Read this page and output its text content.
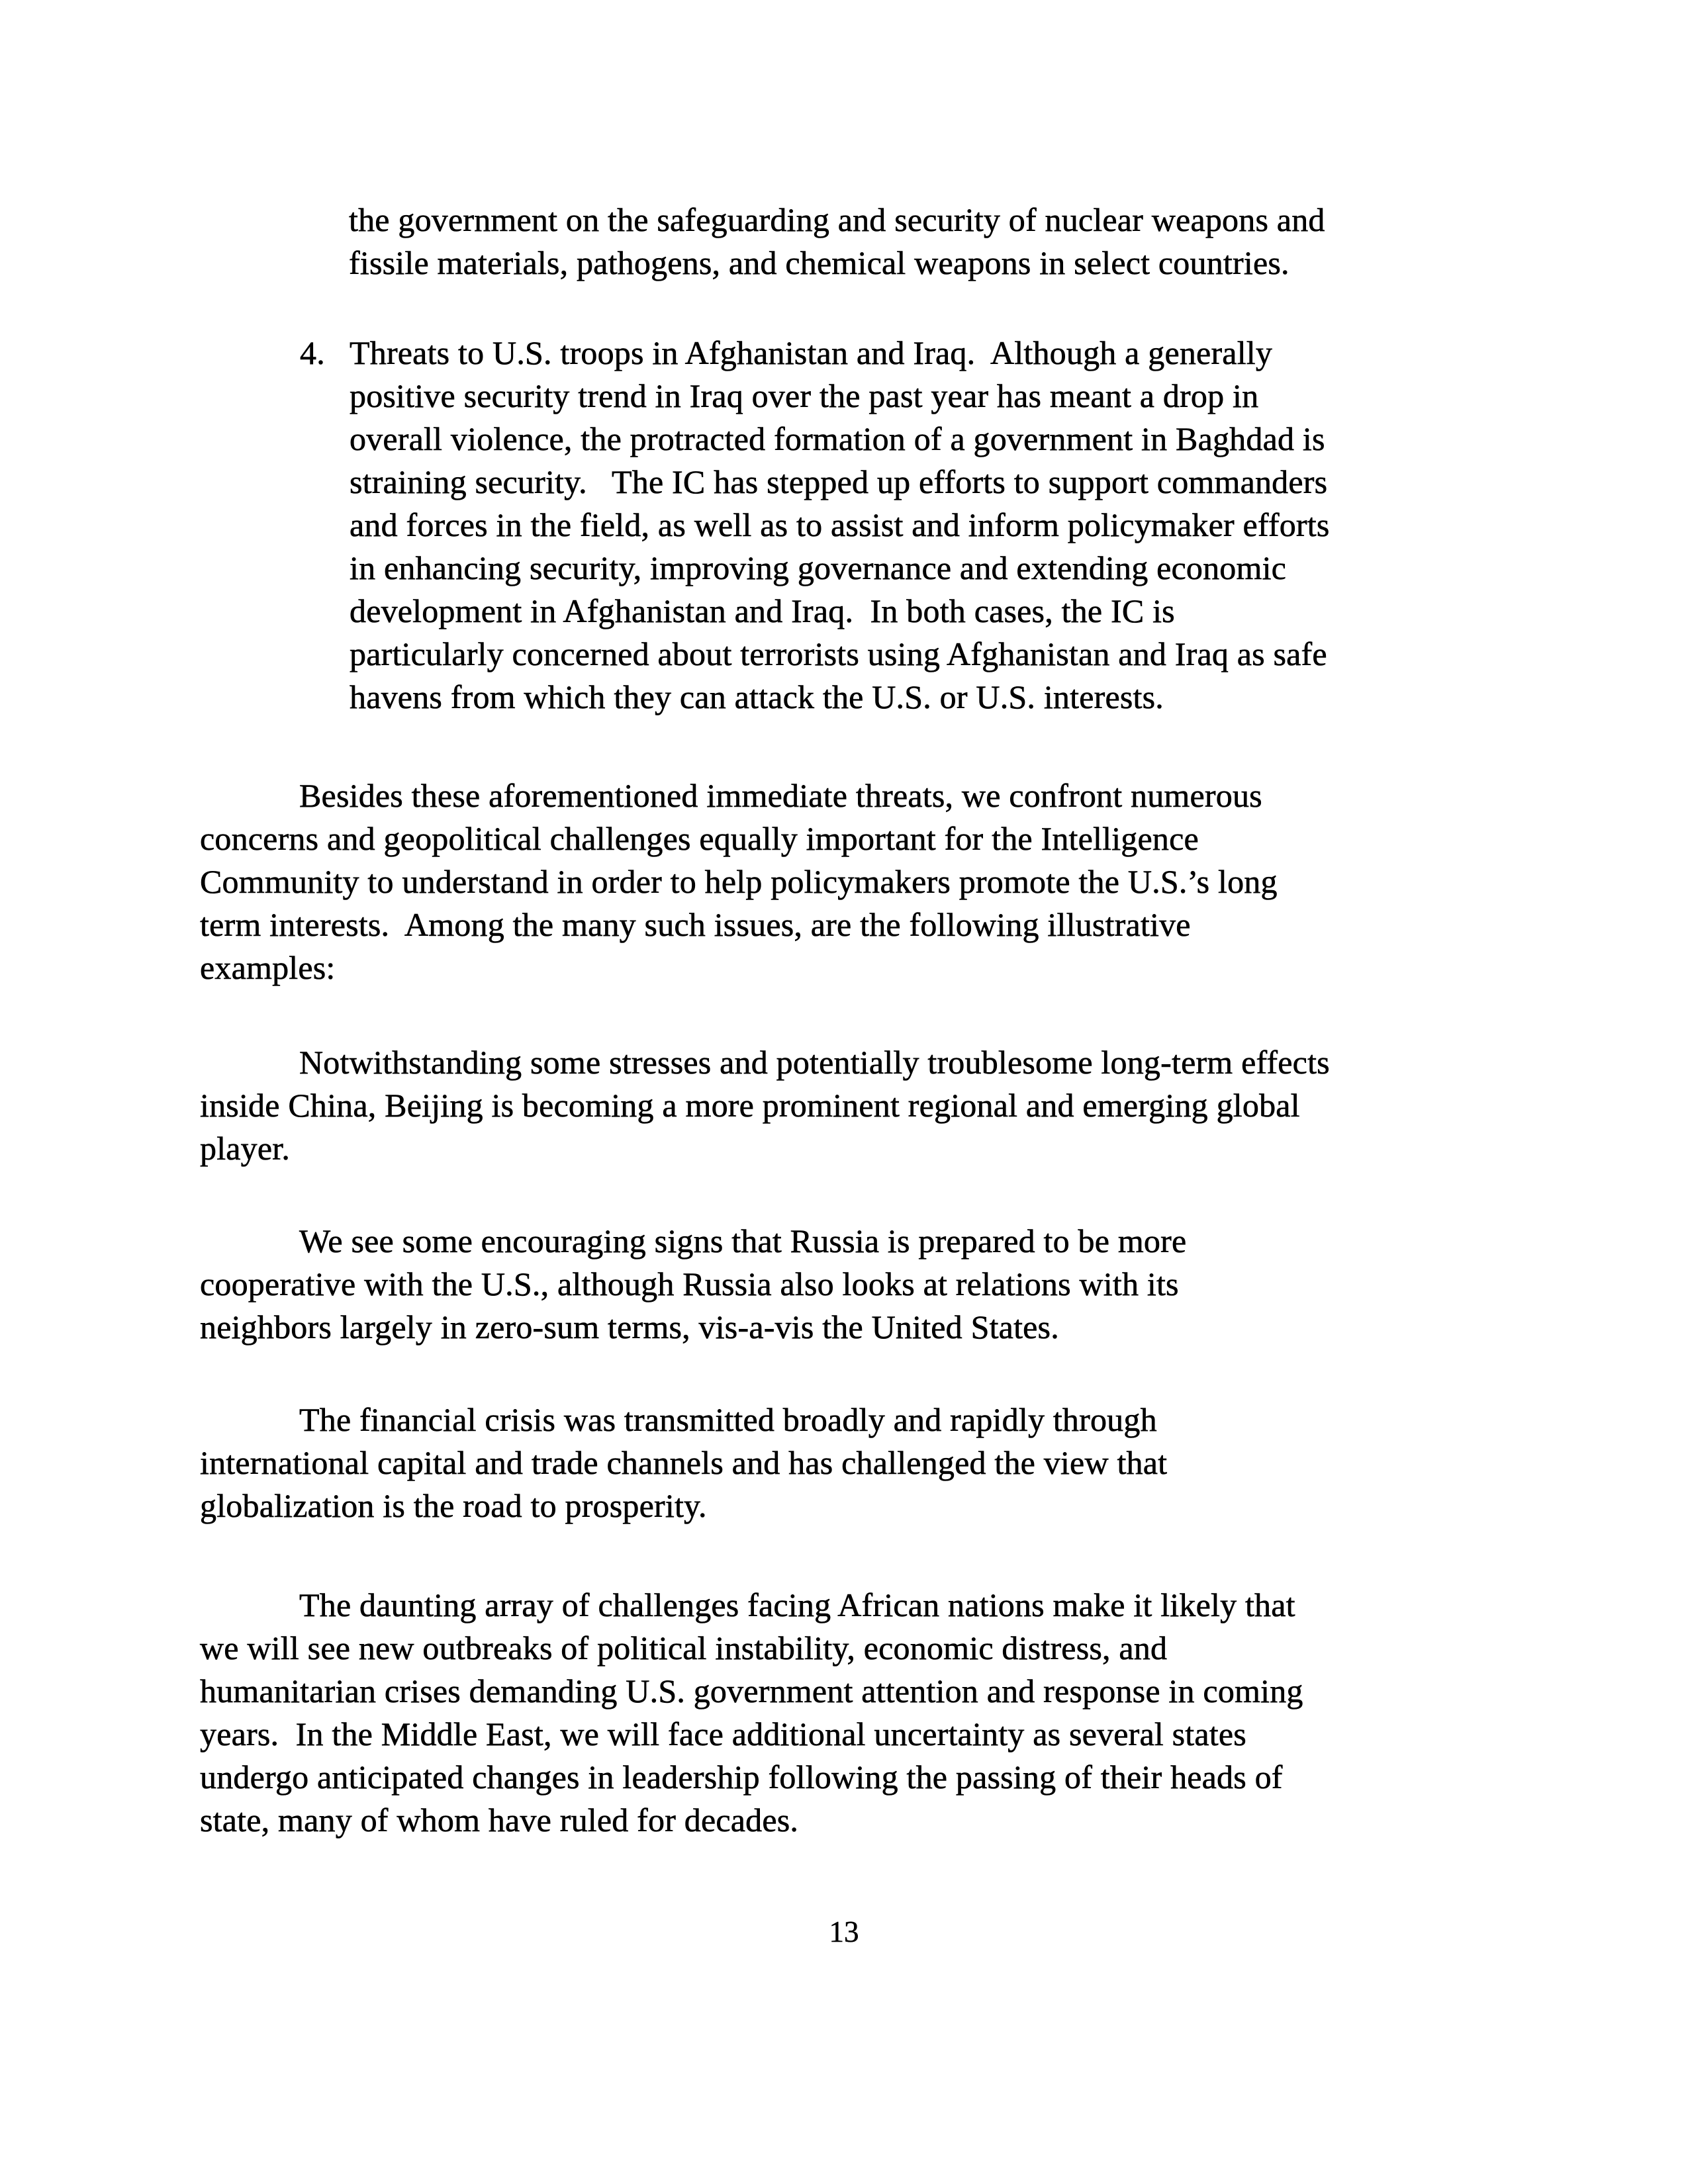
the government on the safeguarding and security of nuclear weapons and
fissile materials, pathogens, and chemical weapons in select countries.
4. Threats to U.S. troops in Afghanistan and Iraq.  Although a generally
positive security trend in Iraq over the past year has meant a drop in
overall violence, the protracted formation of a government in Baghdad is
straining security.   The IC has stepped up efforts to support commanders
and forces in the field, as well as to assist and inform policymaker efforts
in enhancing security, improving governance and extending economic
development in Afghanistan and Iraq.  In both cases, the IC is
particularly concerned about terrorists using Afghanistan and Iraq as safe
havens from which they can attack the U.S. or U.S. interests.
Besides these aforementioned immediate threats, we confront numerous
concerns and geopolitical challenges equally important for the Intelligence
Community to understand in order to help policymakers promote the U.S.’s long
term interests.  Among the many such issues, are the following illustrative
examples:
Notwithstanding some stresses and potentially troublesome long-term effects
inside China, Beijing is becoming a more prominent regional and emerging global
player.
We see some encouraging signs that Russia is prepared to be more
cooperative with the U.S., although Russia also looks at relations with its
neighbors largely in zero-sum terms, vis-a-vis the United States.
The financial crisis was transmitted broadly and rapidly through
international capital and trade channels and has challenged the view that
globalization is the road to prosperity.
The daunting array of challenges facing African nations make it likely that
we will see new outbreaks of political instability, economic distress, and
humanitarian crises demanding U.S. government attention and response in coming
years.  In the Middle East, we will face additional uncertainty as several states
undergo anticipated changes in leadership following the passing of their heads of
state, many of whom have ruled for decades.
13
